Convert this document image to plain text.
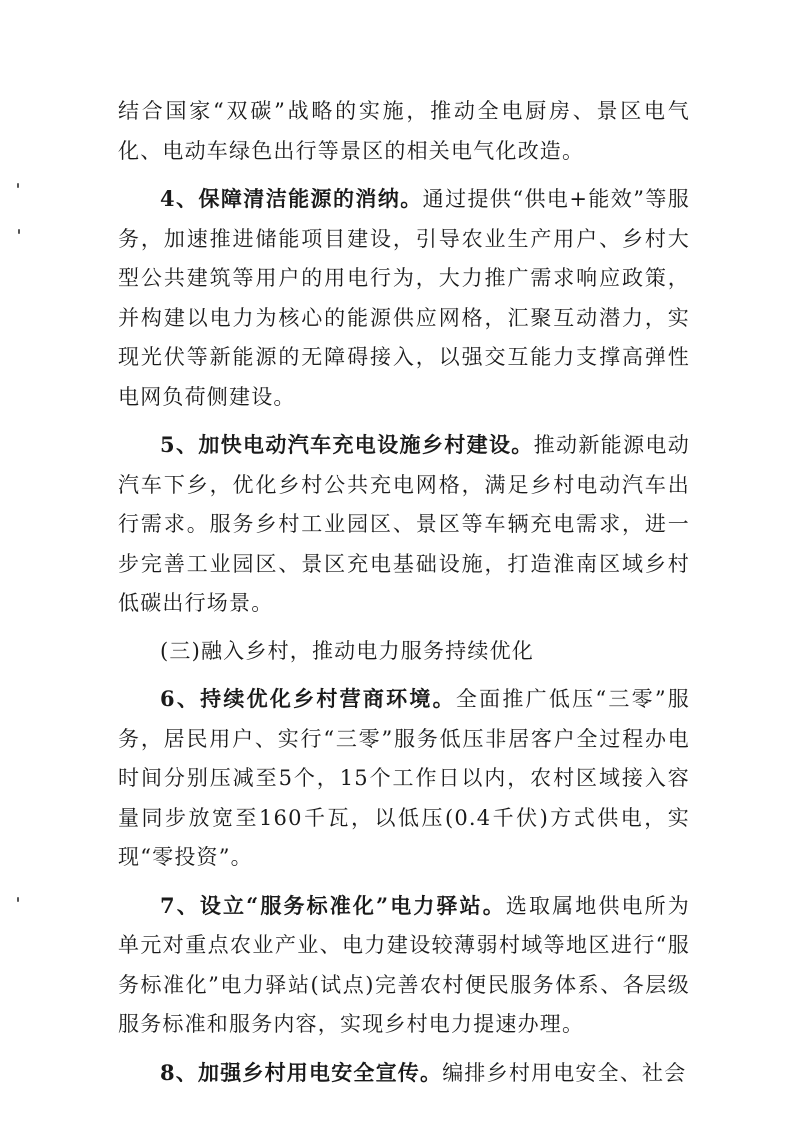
结合国家“双碳”战略的实施，推动全电厨房、景区电气化、电动车绿色出行等景区的相关电气化改造。

4、保障清洁能源的消纳。通过提供“供电+能效”等服务，加速推进储能项目建设，引导农业生产用户、乡村大型公共建筑等用户的用电行为，大力推广需求响应政策，并构建以电力为核心的能源供应网格，汇聚互动潜力，实现光伏等新能源的无障碍接入，以强交互能力支撑高弹性电网负荷侧建设。

5、加快电动汽车充电设施乡村建设。推动新能源电动汽车下乡，优化乡村公共充电网格，满足乡村电动汽车出行需求。服务乡村工业园区、景区等车辆充电需求，进一步完善工业园区、景区充电基础设施，打造淮南区域乡村低碳出行场景。

(三)融入乡村，推动电力服务持续优化

6、持续优化乡村营商环境。全面推广低压“三零”服务，居民用户、实行“三零”服务低压非居客户全过程办电时间分别压减至5个，15个工作日以内，农村区域接入容量同步放宽至160千瓦，以低压(0.4千伏)方式供电，实现“零投资”。

7、设立“服务标准化”电力驿站。选取属地供电所为单元对重点农业产业、电力建设较薄弱村域等地区进行“服务标准化”电力驿站(试点)完善农村便民服务体系、各层级服务标准和服务内容，实现乡村电力提速办理。

8、加强乡村用电安全宣传。编排乡村用电安全、社会
